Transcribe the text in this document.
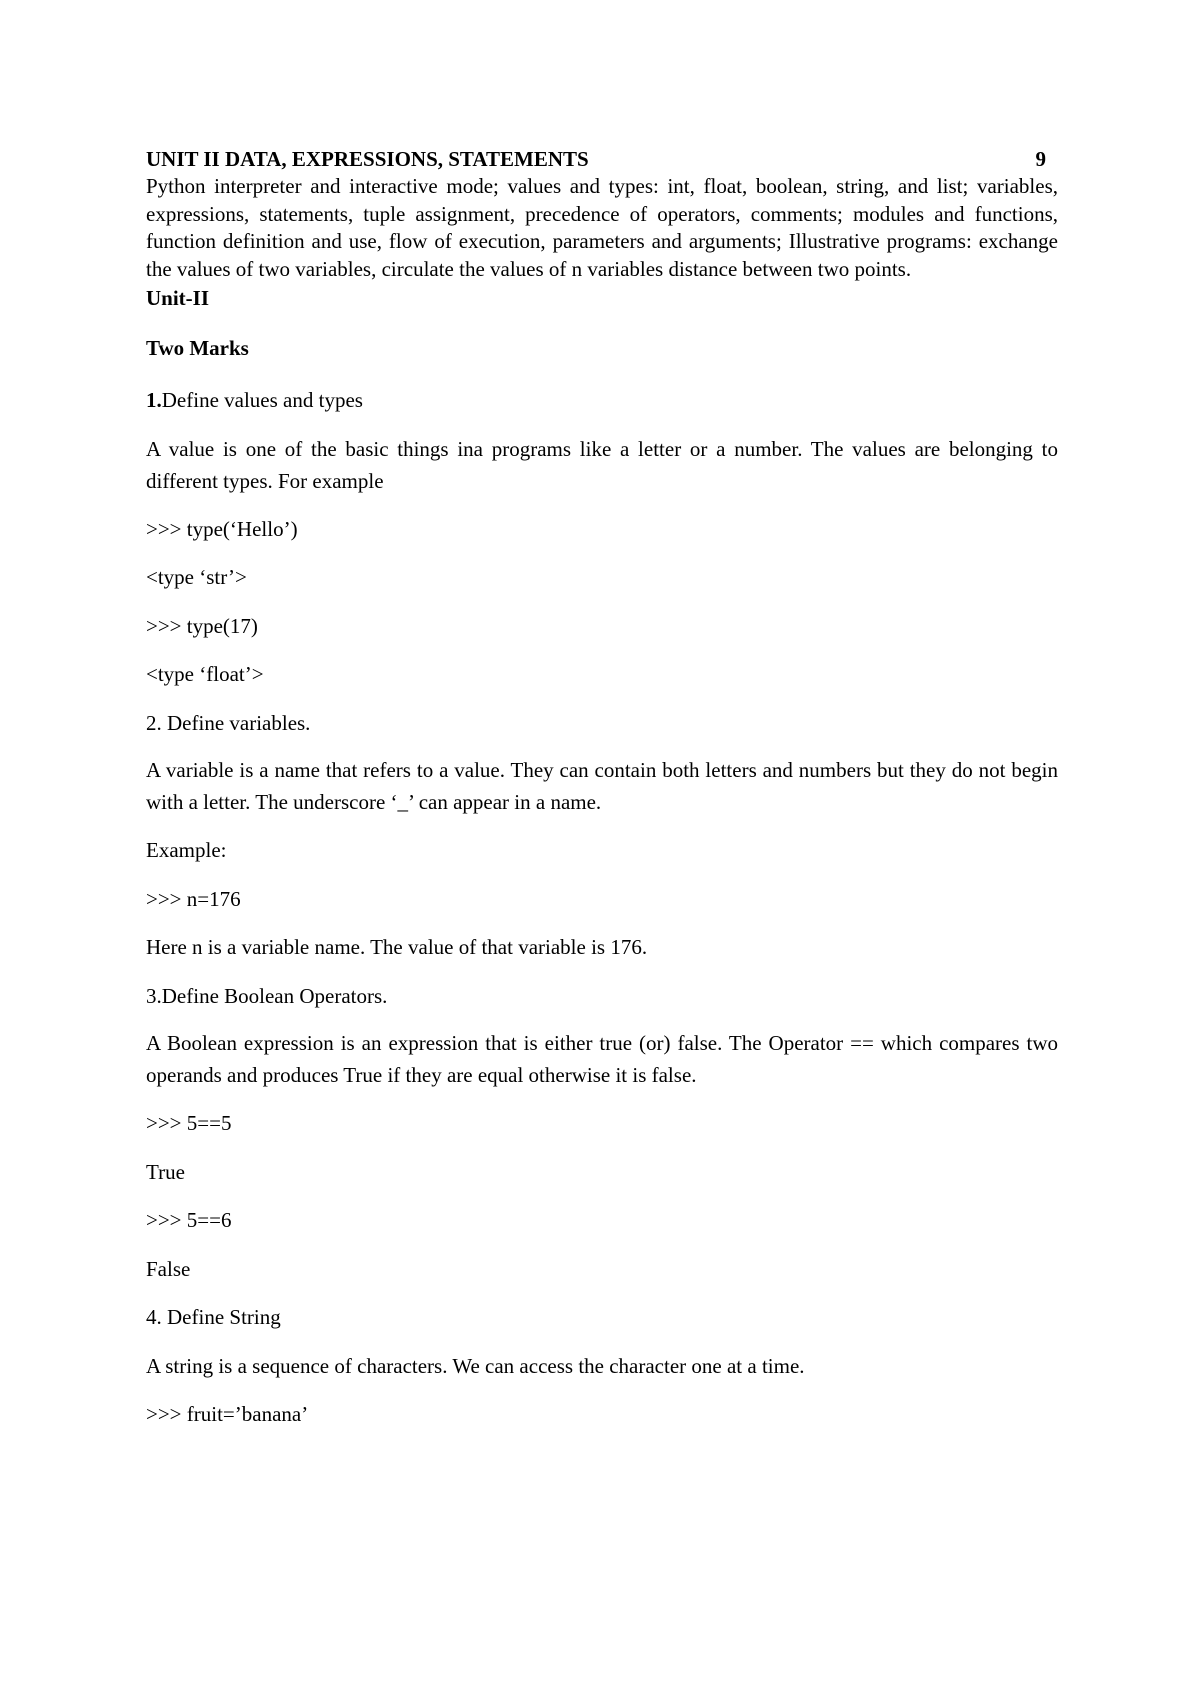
UNIT II DATA, EXPRESSIONS, STATEMENTS	9
Python interpreter and interactive mode; values and types: int, float, boolean, string, and list; variables, expressions, statements, tuple assignment, precedence of operators, comments; modules and functions, function definition and use, flow of execution, parameters and arguments; Illustrative programs: exchange the values of two variables, circulate the values of n variables distance between two points.
Unit-II
Two Marks
1.Define values and types
A value is one of the basic things ina programs like a letter or a number. The values are belonging to different types. For example
>>> type(‘Hello’)
<type ‘str’>
>>> type(17)
<type ‘float’>
2. Define variables.
A variable is a name that refers to a value. They can contain both letters and numbers but they do not begin with a letter. The underscore ‘_’ can appear in a name.
Example:
>>> n=176
Here n is a variable name. The value of that variable is 176.
3.Define Boolean Operators.
A Boolean expression is an expression that is either true (or) false. The Operator == which compares two operands and produces True if they are equal otherwise it is false.
>>> 5==5
True
>>> 5==6
False
4. Define String
A string is a sequence of characters. We can access the character one at a time.
>>> fruit=’banana’
